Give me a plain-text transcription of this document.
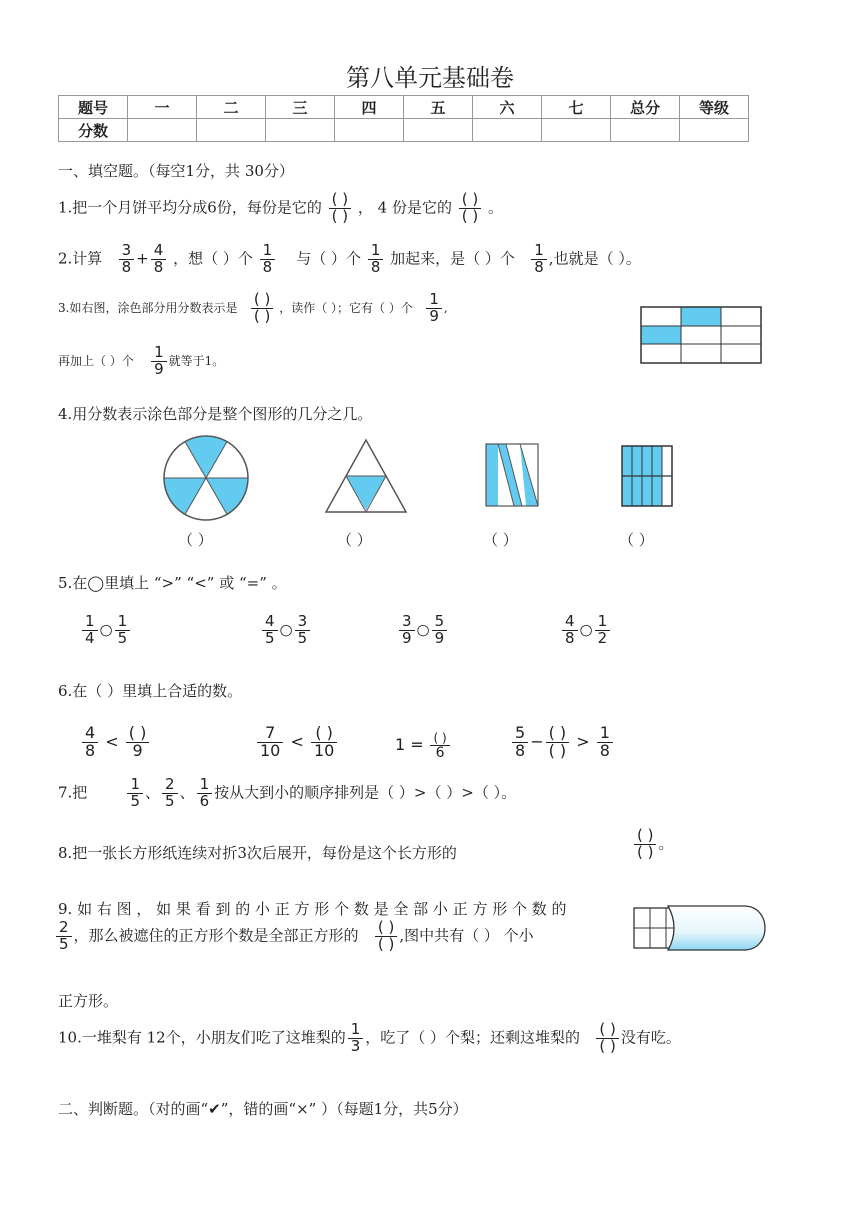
第八单元基础卷
题号	一	二	三	四	五	六	七	总分	等级
分数									
一、填空题。（每空1分，共 30分）
1.把一个月饼平均分成6份，每份是它的 $\frac{( )}{( )}$ ， 4 份是它的 $\frac{( )}{( )}$ 。
2.计算 $\frac{3}{8} + \frac{4}{8}$ ，想（ ）个 $\frac{1}{8}$ 与（ ）个 $\frac{1}{8}$ 加起来，是（ ）个 $\frac{1}{8}$ ,也就是（ ）。
3.如右图，涂色部分用分数表示是 $\frac{( )}{( )}$ ，读作（ ）；它有（ ）个 $\frac{1}{9}$ ,
再加上（ ）个 $\frac{1}{9}$ 就等于1。
4.用分数表示涂色部分是整个图形的几分之几。
（ ）	（ ）	（ ）	（ ）
5.在◯里填上 “>” “<” 或 “=” 。
$\frac{1}{4}$ ○ $\frac{1}{5}$	$\frac{4}{5}$ ○ $\frac{3}{5}$	$\frac{3}{9}$ ○ $\frac{5}{9}$	$\frac{4}{8}$ ○ $\frac{1}{2}$
6.在（ ）里填上合适的数。
$\frac{4}{8} < \frac{( )}{9}$	$\frac{7}{10} < \frac{( )}{10}$	$1 = \frac{( )}{6}$	$\frac{5}{8} - \frac{( )}{( )} > \frac{1}{8}$
7.把	$\frac{1}{5}$ 、 $\frac{2}{5}$ 、 $\frac{1}{6}$ 按从大到小的顺序排列是（ ）>（ ）>（ ）。
8.把一张长方形纸连续对折3次后展开，每份是这个长方形的	$\frac{( )}{( )}$ 。
9. 如 右 图 ， 如 果 看 到 的 小 正 方 形 个 数 是 全 部 小 正 方 形 个 数 的
$\frac{2}{5}$ ，那么被遮住的正方形个数是全部正方形的 $\frac{( )}{( )}$ ,图中共有（ ） 个小
正方形。
10.一堆梨有 12个，小朋友们吃了这堆梨的 $\frac{1}{3}$ ，吃了（ ）个梨；还剩这堆梨的 $\frac{( )}{( )}$ 没有吃。
二、判断题。（对的画“✔”，错的画“×” ）（每题1分，共5分）
